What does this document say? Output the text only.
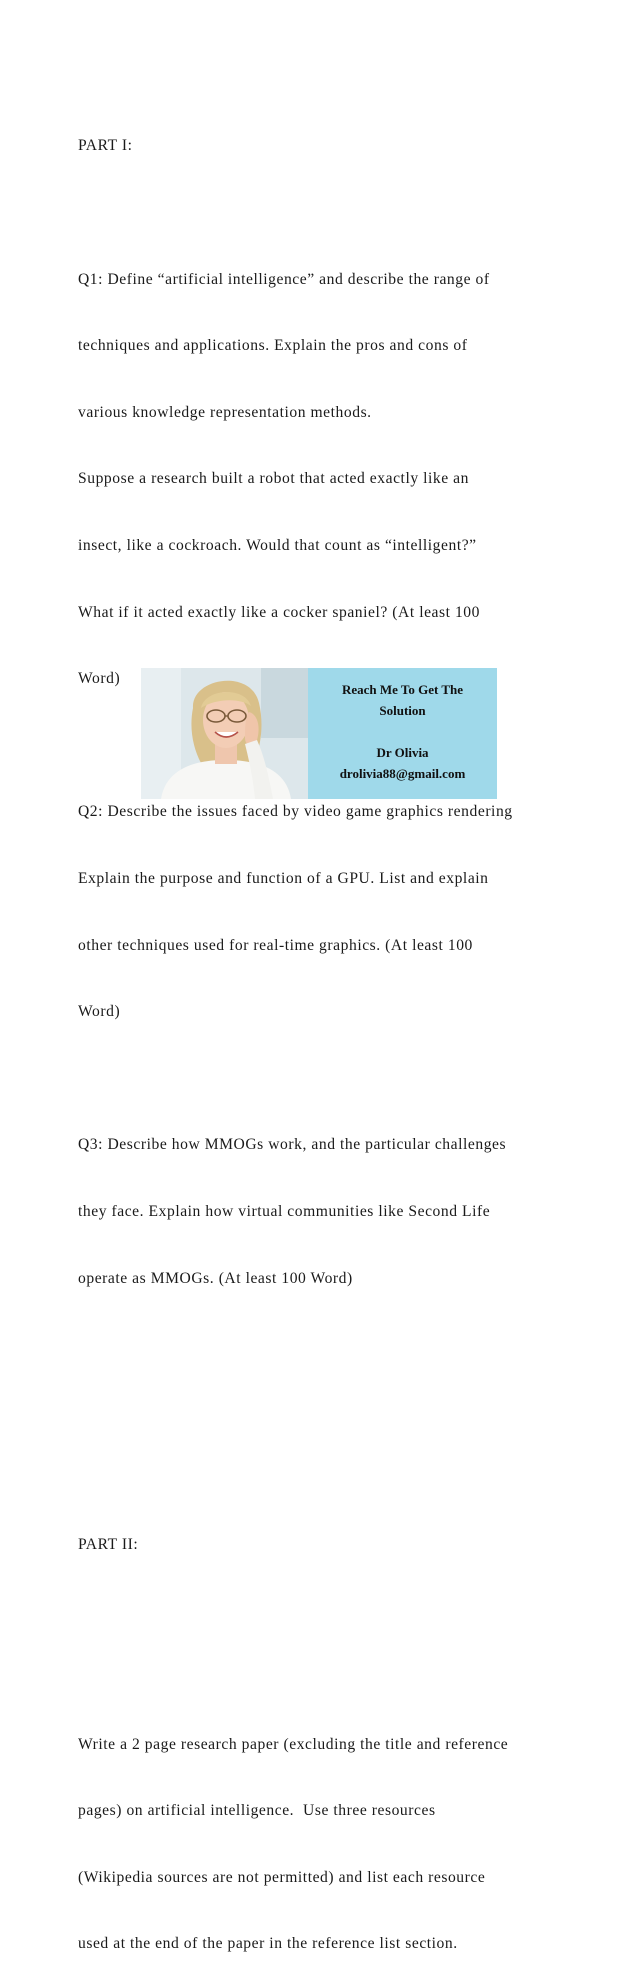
PART I:

Q1: Define “artificial intelligence” and describe the range of

techniques and applications. Explain the pros and cons of

various knowledge representation methods.

Suppose a research built a robot that acted exactly like an

insect, like a cockroach. Would that count as “intelligent?”

What if it acted exactly like a cocker spaniel? (At least 100

Word)

Q2: Describe the issues faced by video game graphics rendering

Explain the purpose and function of a GPU. List and explain

other techniques used for real-time graphics. (At least 100

Word)

Q3: Describe how MMOGs work, and the particular challenges

they face. Explain how virtual communities like Second Life

operate as MMOGs. (At least 100 Word)

PART II:

Write a 2 page research paper (excluding the title and reference

pages) on artificial intelligence.  Use three resources

(Wikipedia sources are not permitted) and list each resource

used at the end of the paper in the reference list section.

Reach Me To Get The
Solution
Dr Olivia
drolivia88@gmail.com
